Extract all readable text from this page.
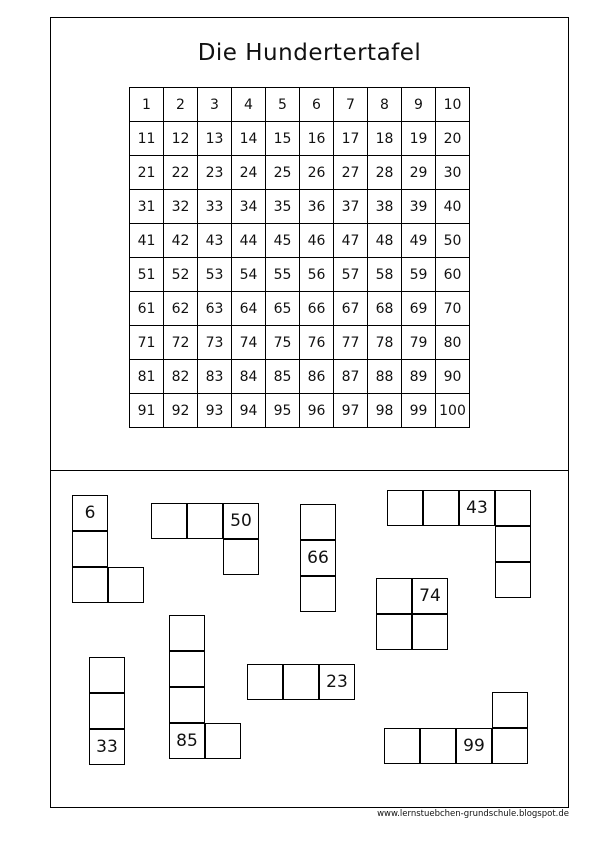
Die Hundertertafel
1	2	3	4	5	6	7	8	9	10
11	12	13	14	15	16	17	18	19	20
21	22	23	24	25	26	27	28	29	30
31	32	33	34	35	36	37	38	39	40
41	42	43	44	45	46	47	48	49	50
51	52	53	54	55	56	57	58	59	60
61	62	63	64	65	66	67	68	69	70
71	72	73	74	75	76	77	78	79	80
81	82	83	84	85	86	87	88	89	90
91	92	93	94	95	96	97	98	99	100
6	50
66
43
74
23
85
33	99
www.lernstuebchen-grundschule.blogspot.de
